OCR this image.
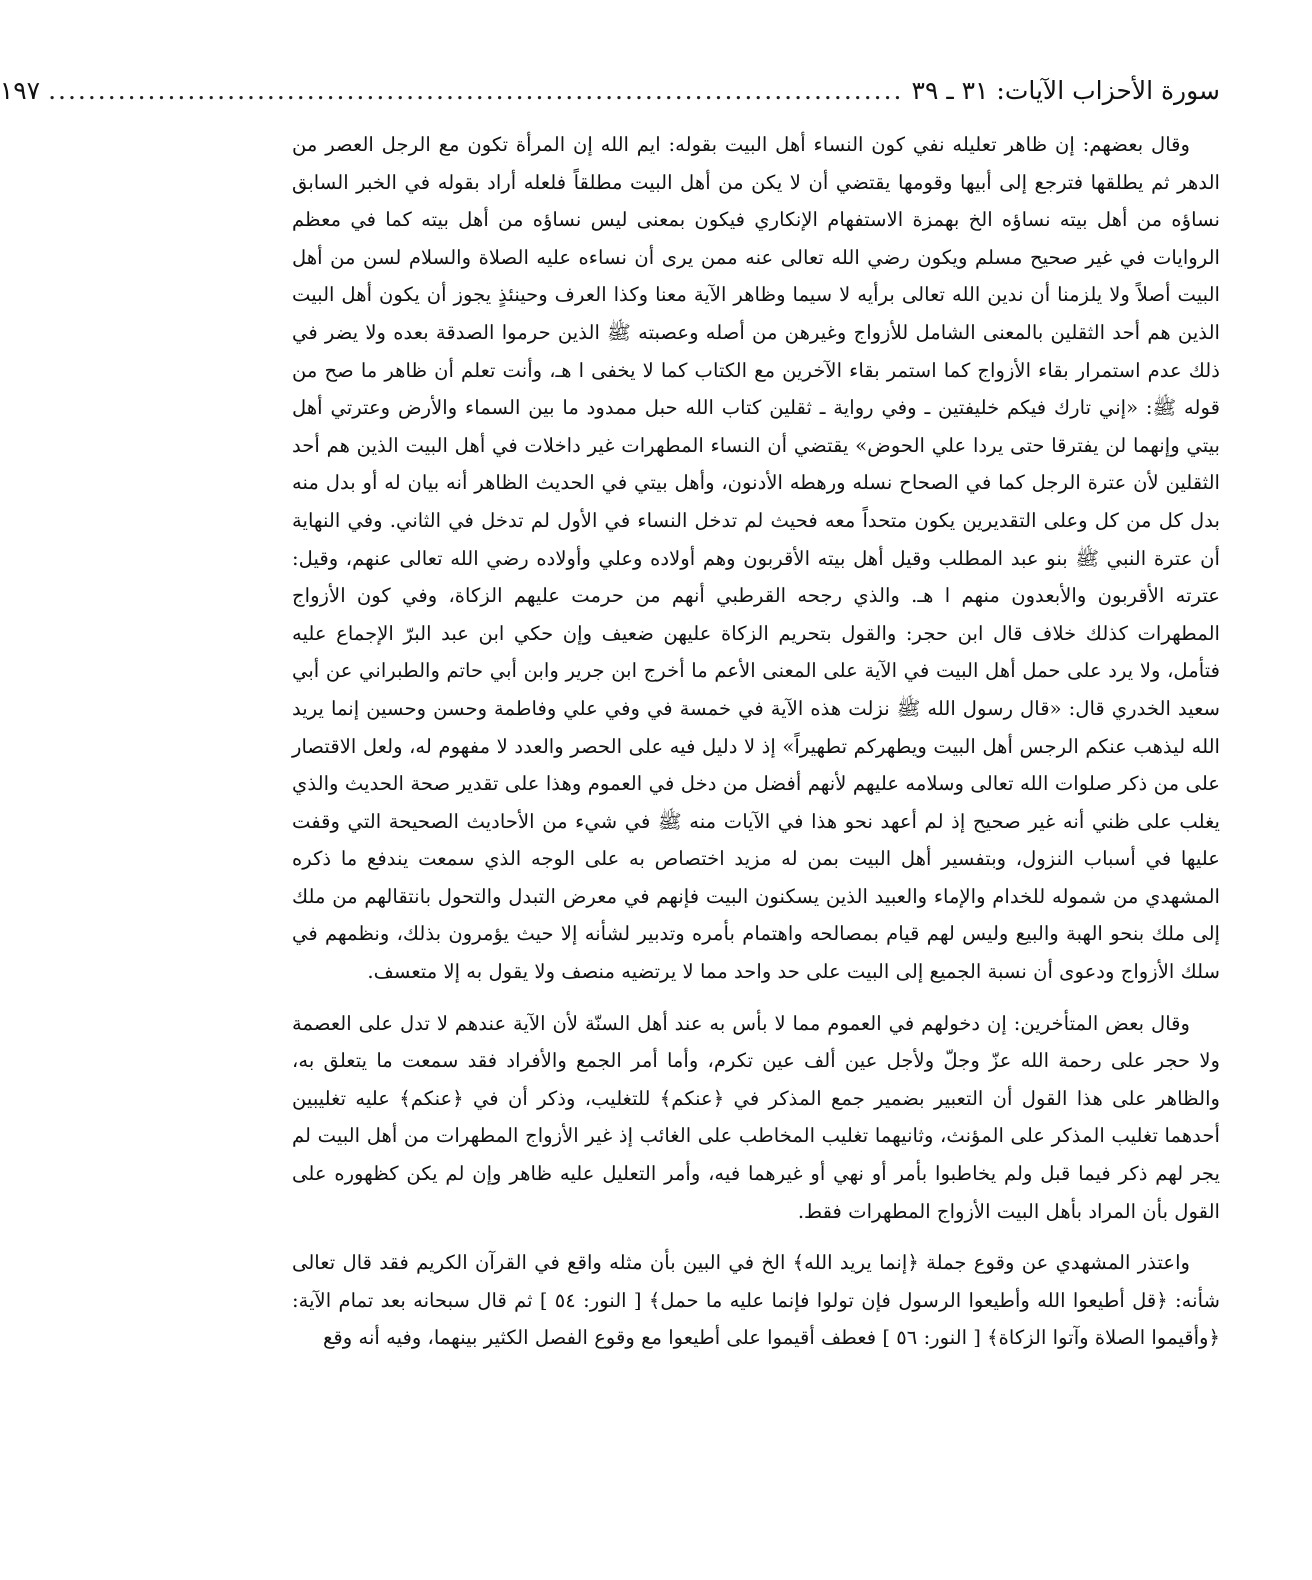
سورة الأحزاب الآيات: ٣١ ـ ٣٩
......................................................................................
١٩٧

وقال بعضهم: إن ظاهر تعليله نفي كون النساء أهل البيت بقوله: ايم الله إن المرأة تكون مع الرجل العصر من الدهر ثم يطلقها فترجع إلى أبيها وقومها يقتضي أن لا يكن من أهل البيت مطلقاً فلعله أراد بقوله في الخبر السابق نساؤه من أهل بيته نساؤه الخ بهمزة الاستفهام الإنكاري فيكون بمعنى ليس نساؤه من أهل بيته كما في معظم الروايات في غير صحيح مسلم ويكون رضي الله تعالى عنه ممن يرى أن نساءه عليه الصلاة والسلام لسن من أهل البيت أصلاً ولا يلزمنا أن ندين الله تعالى برأيه لا سيما وظاهر الآية معنا وكذا العرف وحينئذٍ يجوز أن يكون أهل البيت الذين هم أحد الثقلين بالمعنى الشامل للأزواج وغيرهن من أصله وعصبته ﷺ الذين حرموا الصدقة بعده ولا يضر في ذلك عدم استمرار بقاء الأزواج كما استمر بقاء الآخرين مع الكتاب كما لا يخفى ا هـ، وأنت تعلم أن ظاهر ما صح من قوله ﷺ: «إني تارك فيكم خليفتين ـ وفي رواية ـ ثقلين كتاب الله حبل ممدود ما بين السماء والأرض وعترتي أهل بيتي وإنهما لن يفترقا حتى يردا علي الحوض» يقتضي أن النساء المطهرات غير داخلات في أهل البيت الذين هم أحد الثقلين لأن عترة الرجل كما في الصحاح نسله ورهطه الأدنون، وأهل بيتي في الحديث الظاهر أنه بيان له أو بدل منه بدل كل من كل وعلى التقديرين يكون متحداً معه فحيث لم تدخل النساء في الأول لم تدخل في الثاني. وفي النهاية أن عترة النبي ﷺ بنو عبد المطلب وقيل أهل بيته الأقربون وهم أولاده وعلي وأولاده رضي الله تعالى عنهم، وقيل: عترته الأقربون والأبعدون منهم ا هـ. والذي رجحه القرطبي أنهم من حرمت عليهم الزكاة، وفي كون الأزواج المطهرات كذلك خلاف قال ابن حجر: والقول بتحريم الزكاة عليهن ضعيف وإن حكي ابن عبد البرّ الإجماع عليه فتأمل، ولا يرد على حمل أهل البيت في الآية على المعنى الأعم ما أخرج ابن جرير وابن أبي حاتم والطبراني عن أبي سعيد الخدري قال: «قال رسول الله ﷺ نزلت هذه الآية في خمسة في وفي علي وفاطمة وحسن وحسين إنما يريد الله ليذهب عنكم الرجس أهل البيت ويطهركم تطهيراً» إذ لا دليل فيه على الحصر والعدد لا مفهوم له، ولعل الاقتصار على من ذكر صلوات الله تعالى وسلامه عليهم لأنهم أفضل من دخل في العموم وهذا على تقدير صحة الحديث والذي يغلب على ظني أنه غير صحيح إذ لم أعهد نحو هذا في الآيات منه ﷺ في شيء من الأحاديث الصحيحة التي وقفت عليها في أسباب النزول، وبتفسير أهل البيت بمن له مزيد اختصاص به على الوجه الذي سمعت يندفع ما ذكره المشهدي من شموله للخدام والإماء والعبيد الذين يسكنون البيت فإنهم في معرض التبدل والتحول بانتقالهم من ملك إلى ملك بنحو الهبة والبيع وليس لهم قيام بمصالحه واهتمام بأمره وتدبير لشأنه إلا حيث يؤمرون بذلك، ونظمهم في سلك الأزواج ودعوى أن نسبة الجميع إلى البيت على حد واحد مما لا يرتضيه منصف ولا يقول به إلا متعسف.

وقال بعض المتأخرين: إن دخولهم في العموم مما لا بأس به عند أهل السنّة لأن الآية عندهم لا تدل على العصمة ولا حجر على رحمة الله عزّ وجلّ ولأجل عين ألف عين تكرم، وأما أمر الجمع والأفراد فقد سمعت ما يتعلق به، والظاهر على هذا القول أن التعبير بضمير جمع المذكر في ﴿عنكم﴾ للتغليب، وذكر أن في ﴿عنكم﴾ عليه تغليبين أحدهما تغليب المذكر على المؤنث، وثانيهما تغليب المخاطب على الغائب إذ غير الأزواج المطهرات من أهل البيت لم يجر لهم ذكر فيما قبل ولم يخاطبوا بأمر أو نهي أو غيرهما فيه، وأمر التعليل عليه ظاهر وإن لم يكن كظهوره على القول بأن المراد بأهل البيت الأزواج المطهرات فقط.

واعتذر المشهدي عن وقوع جملة ﴿إنما يريد الله﴾ الخ في البين بأن مثله واقع في القرآن الكريم فقد قال تعالى شأنه: ﴿قل أطيعوا الله وأطيعوا الرسول فإن تولوا فإنما عليه ما حمل﴾ [ النور: ٥٤ ] ثم قال سبحانه بعد تمام الآية: ﴿وأقيموا الصلاة وآتوا الزكاة﴾ [ النور: ٥٦ ] فعطف أقيموا على أطيعوا مع وقوع الفصل الكثير بينهما، وفيه أنه وقع
